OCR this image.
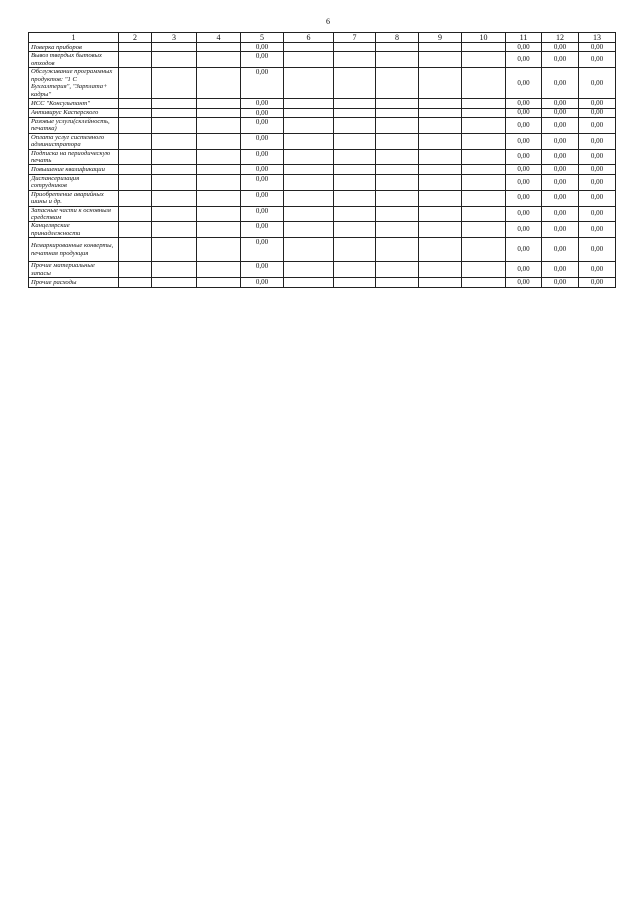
6
1	2	3	4	5	6	7	8	9	10	11	12	13
Поверка приборов				0,00						0,00	0,00	0,00
Вывоз твердых бытовых отходов				0,00						0,00	0,00	0,00
Обслуживание программных продуктов: "1 С Бухгалтерия", "Зарплата+ кадры"				0,00						0,00	0,00	0,00
ИСС "Консультант"				0,00						0,00	0,00	0,00
Антивирус Касперского				0,00						0,00	0,00	0,00
Разовые услуги(склейность, печатка)				0,00						0,00	0,00	0,00
Оплата услуг системного администратора				0,00						0,00	0,00	0,00
Подписка на периодическую печать				0,00						0,00	0,00	0,00
Повышение квалификации				0,00						0,00	0,00	0,00
Диспансеризация сотрудников				0,00						0,00	0,00	0,00
Приобретение аварийных шины и др.				0,00						0,00	0,00	0,00
Запасные части к основным средствам				0,00						0,00	0,00	0,00
Канцелярские принадлежности				0,00						0,00	0,00	0,00
Немаркированные конверты, печатная продукция				0,00						0,00	0,00	0,00
Прочие материальные запасы				0,00						0,00	0,00	0,00
Прочие расходы				0,00						0,00	0,00	0,00
